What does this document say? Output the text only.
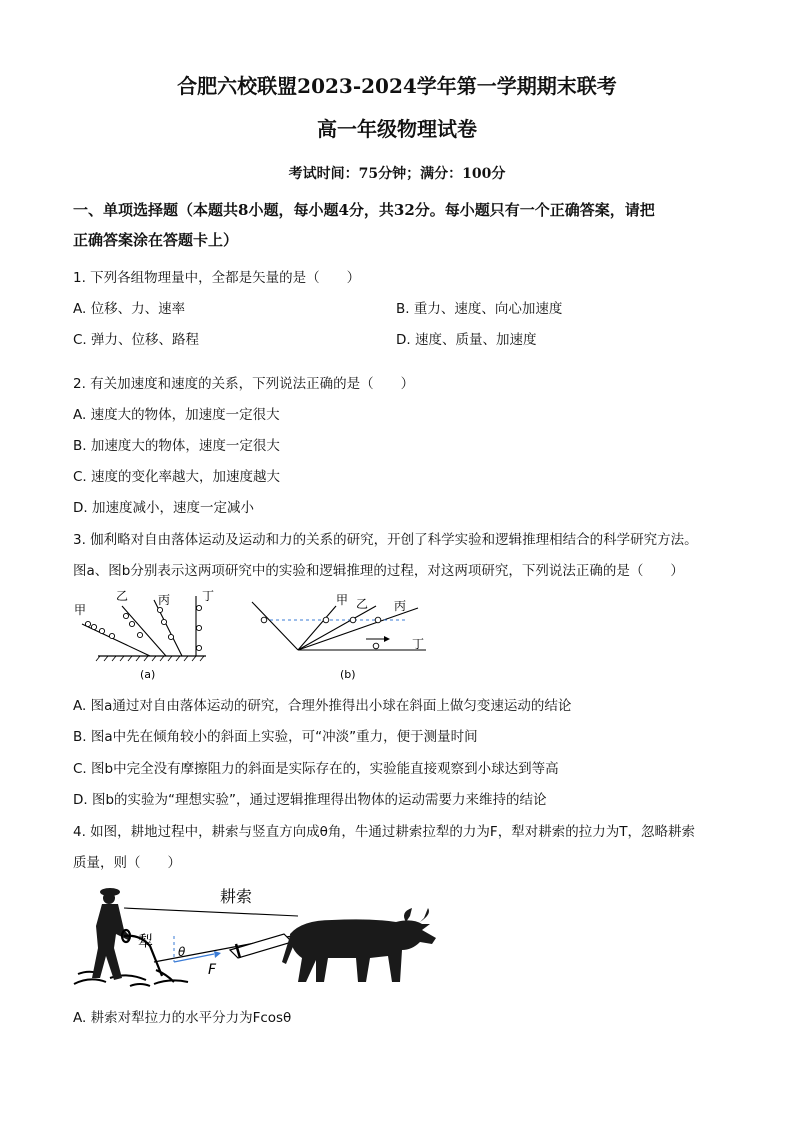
合肥六校联盟2023-2024学年第一学期期末联考
高一年级物理试卷
考试时间：75分钟；满分：100分
一、单项选择题（本题共8小题，每小题4分，共32分。每小题只有一个正确答案，请把
正确答案涂在答题卡上）
1. 下列各组物理量中，全都是矢量的是（　　）
A. 位移、力、速率	B. 重力、速度、向心加速度
C. 弹力、位移、路程	D. 速度、质量、加速度
2. 有关加速度和速度的关系，下列说法正确的是（　　）
A. 速度大的物体，加速度一定很大
B. 加速度大的物体，速度一定很大
C. 速度的变化率越大，加速度越大
D. 加速度减小，速度一定减小
3. 伽利略对自由落体运动及运动和力的关系的研究，开创了科学实验和逻辑推理相结合的科学研究方法。
图a、图b分别表示这两项研究中的实验和逻辑推理的过程，对这两项研究，下列说法正确的是（　　）
甲
乙 丙	丁
(a)
甲 乙 丙
丁
(b)
A. 图a通过对自由落体运动的研究，合理外推得出小球在斜面上做匀变速运动的结论
B. 图a中先在倾角较小的斜面上实验，可“冲淡”重力，便于测量时间
C. 图b中完全没有摩擦阻力的斜面是实际存在的，实验能直接观察到小球达到等高
D. 图b的实验为“理想实验”，通过逻辑推理得出物体的运动需要力来维持的结论
4. 如图，耕地过程中，耕索与竖直方向成θ角，牛通过耕索拉犁的力为F，犁对耕索的拉力为T，忽略耕索
质量，则（　　）
耕索
犁
θ
F
A. 耕索对犁拉力的水平分力为Fcosθ
